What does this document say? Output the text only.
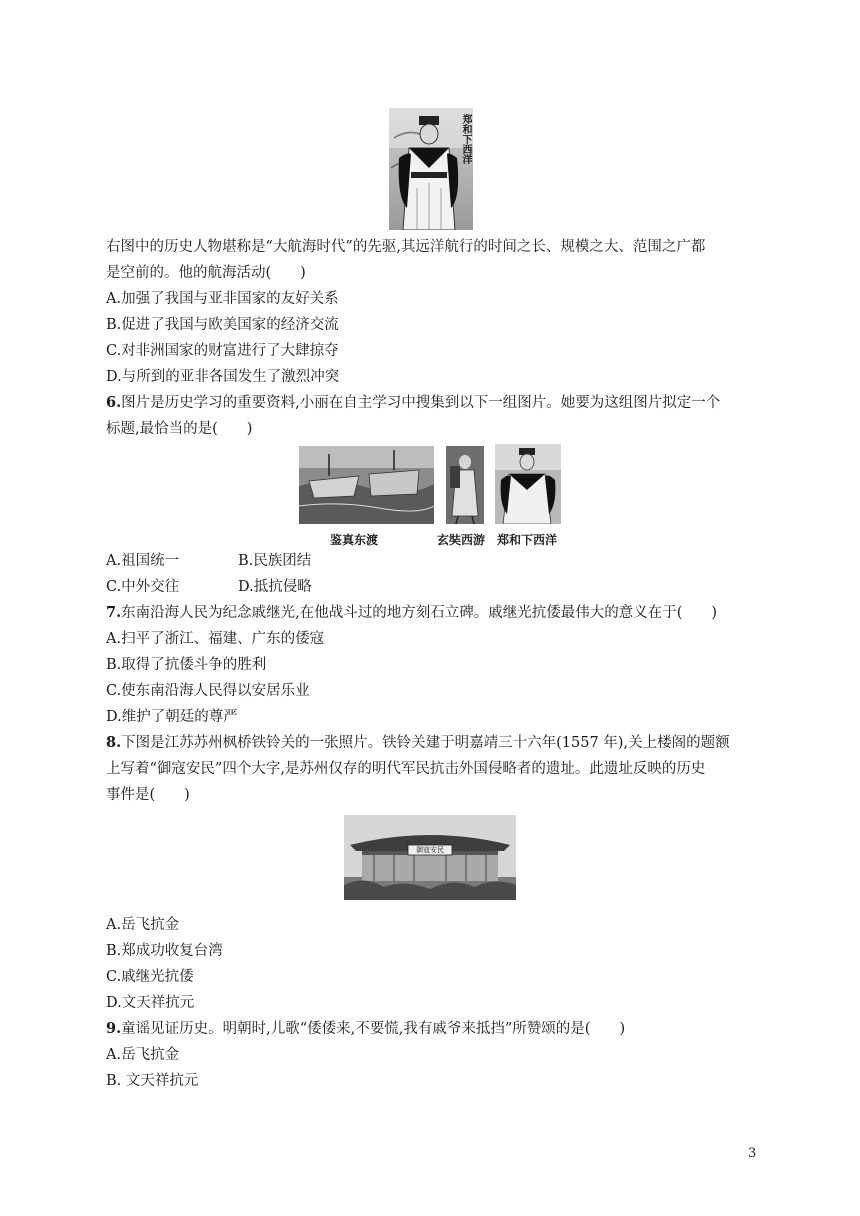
郑和下西洋
右图中的历史人物堪称是“大航海时代”的先驱,其远洋航行的时间之长、规模之大、范围之广都
是空前的。他的航海活动(　　)
A.加强了我国与亚非国家的友好关系
B.促进了我国与欧美国家的经济交流
C.对非洲国家的财富进行了大肆掠夺
D.与所到的亚非各国发生了激烈冲突
6.图片是历史学习的重要资料,小丽在自主学习中搜集到以下一组图片。她要为这组图片拟定一个
标题,最恰当的是(　　)
鉴真东渡	玄奘西游 郑和下西洋
A.祖国统一	B.民族团结
C.中外交往	D.抵抗侵略
7.东南沿海人民为纪念戚继光,在他战斗过的地方刻石立碑。戚继光抗倭最伟大的意义在于(　　)
A.扫平了浙江、福建、广东的倭寇
B.取得了抗倭斗争的胜利
C.使东南沿海人民得以安居乐业
D.维护了朝廷的尊严
8.下图是江苏苏州枫桥铁铃关的一张照片。铁铃关建于明嘉靖三十六年(1557 年),关上楼阁的题额
上写着“御寇安民”四个大字,是苏州仅存的明代军民抗击外国侵略者的遗址。此遗址反映的历史
事件是(　　)
御寇安民
A.岳飞抗金
B.郑成功收复台湾
C.戚继光抗倭
D.文天祥抗元
9.童谣见证历史。明朝时,儿歌“倭倭来,不要慌,我有戚爷来抵挡”所赞颂的是(　　)
A.岳飞抗金
B. 文天祥抗元
3
